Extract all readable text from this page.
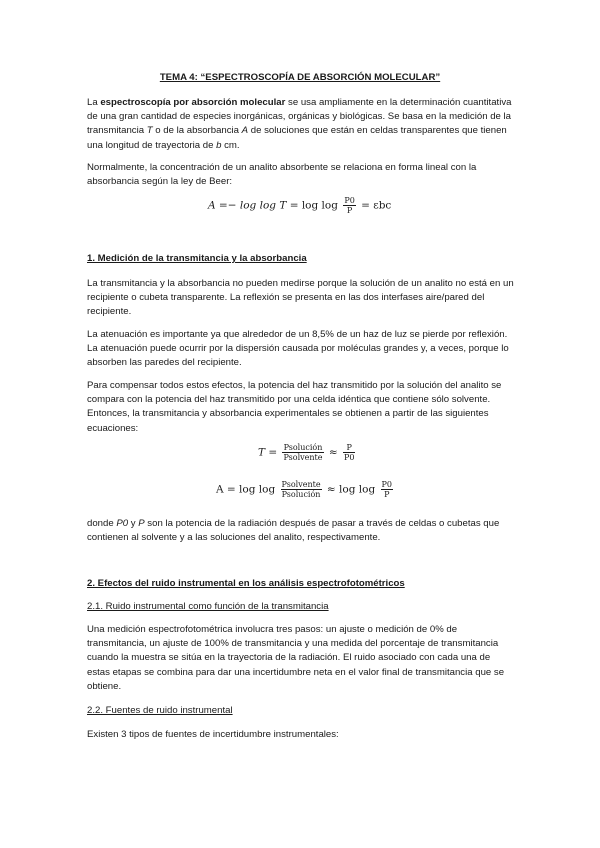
TEMA 4: “ESPECTROSCOPÍA DE ABSORCIÓN MOLECULAR”

La espectroscopía por absorción molecular se usa ampliamente en la determinación cuantitativa de una gran cantidad de especies inorgánicas, orgánicas y biológicas. Se basa en la medición de la transmitancia T o de la absorbancia A de soluciones que están en celdas transparentes que tienen una longitud de trayectoria de b cm.

Normalmente, la concentración de un analito absorbente se relaciona en forma lineal con la absorbancia según la ley de Beer:

$A =- \log \log T = \log \log \frac{P0}{P} = \varepsilon bc$
1. Medición de la transmitancia y la absorbancia

La transmitancia y la absorbancia no pueden medirse porque la solución de un analito no está en un recipiente o cubeta transparente. La reflexión se presenta en las dos interfases aire/pared del recipiente.

La atenuación es importante ya que alrededor de un 8,5% de un haz de luz se pierde por reflexión. La atenuación puede ocurrir por la dispersión causada por moléculas grandes y, a veces, porque lo absorben las paredes del recipiente.

Para compensar todos estos efectos, la potencia del haz transmitido por la solución del analito se compara con la potencia del haz transmitido por una celda idéntica que contiene sólo solvente. Entonces, la transmitancia y absorbancia experimentales se obtienen a partir de las siguientes ecuaciones:

$T = \frac{\text{Psolución}}{\text{Psolvente}} \approx \frac{P}{P0}$
$A = \log \log \frac{\text{Psolvente}}{\text{Psolución}} \approx \log \log \frac{P0}{P}$

donde P0 y P son la potencia de la radiación después de pasar a través de celdas o cubetas que contienen al solvente y a las soluciones del analito, respectivamente.

2. Efectos del ruido instrumental en los análisis espectrofotométricos
2.1. Ruido instrumental como función de la transmitancia

Una medición espectrofotométrica involucra tres pasos: un ajuste o medición de 0% de transmitancia, un ajuste de 100% de transmitancia y una medida del porcentaje de transmitancia cuando la muestra se sitúa en la trayectoria de la radiación. El ruido asociado con cada una de estas etapas se combina para dar una incertidumbre neta en el valor final de transmitancia que se obtiene.

2.2. Fuentes de ruido instrumental

Existen 3 tipos de fuentes de incertidumbre instrumentales:
